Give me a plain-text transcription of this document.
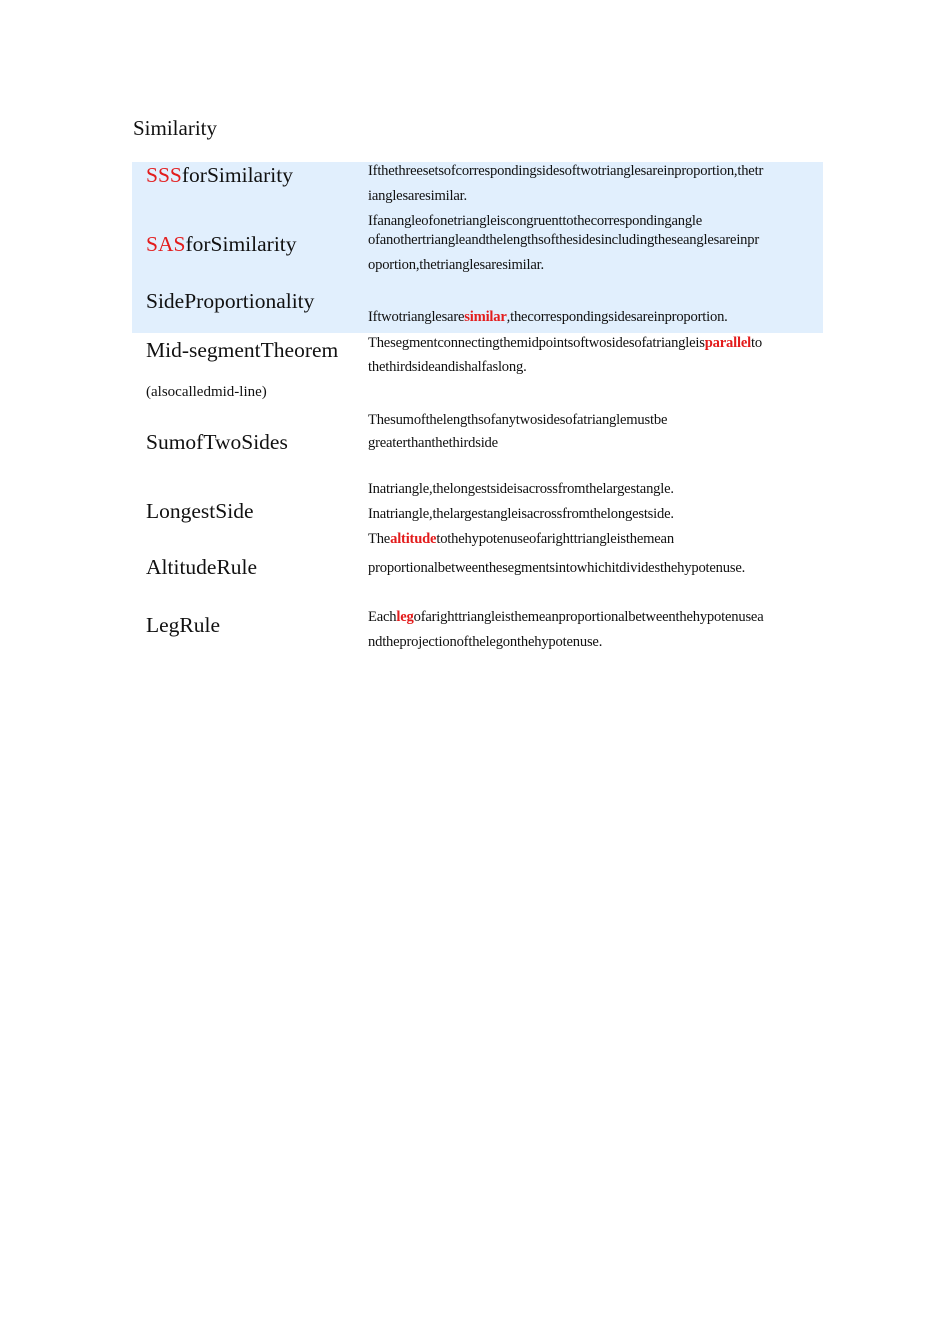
Similarity
SSSforSimilarity	Ifthethreesetsofcorrespondingsidesoftwotrianglesareinproportion,thetr
ianglesaresimilar.
SASforSimilarity
Ifanangleofonetriangleiscongruenttothecorrespondingangle
ofanothertriangleandthelengthsofthesidesincludingtheseanglesareinpr
oportion,thetrianglesaresimilar.
SideProportionality
Iftwotrianglesaresimilar,thecorrespondingsidesareinproportion.
Mid-segmentTheorem
(alsocalledmid-line)
Thesegmentconnectingthemidpointsoftwosidesofatriangleisparallelto
thethirdsideandishalfaslong.
SumofTwoSides
Thesumofthelengthsofanytwosidesofatrianglemustbe
greaterthanthethirdside
LongestSide
Inatriangle,thelongestsideisacrossfromthelargestangle.
Inatriangle,thelargestangleisacrossfromthelongestside.
AltitudeRule
Thealtitudetothehypotenuseofarighttriangleisthemean
proportionalbetweenthesegmentsintowhichitdividesthehypotenuse.
LegRule	Eachlegofarighttriangleisthemeanproportionalbetweenthehypotenusea
ndtheprojectionofthelegonthehypotenuse.
